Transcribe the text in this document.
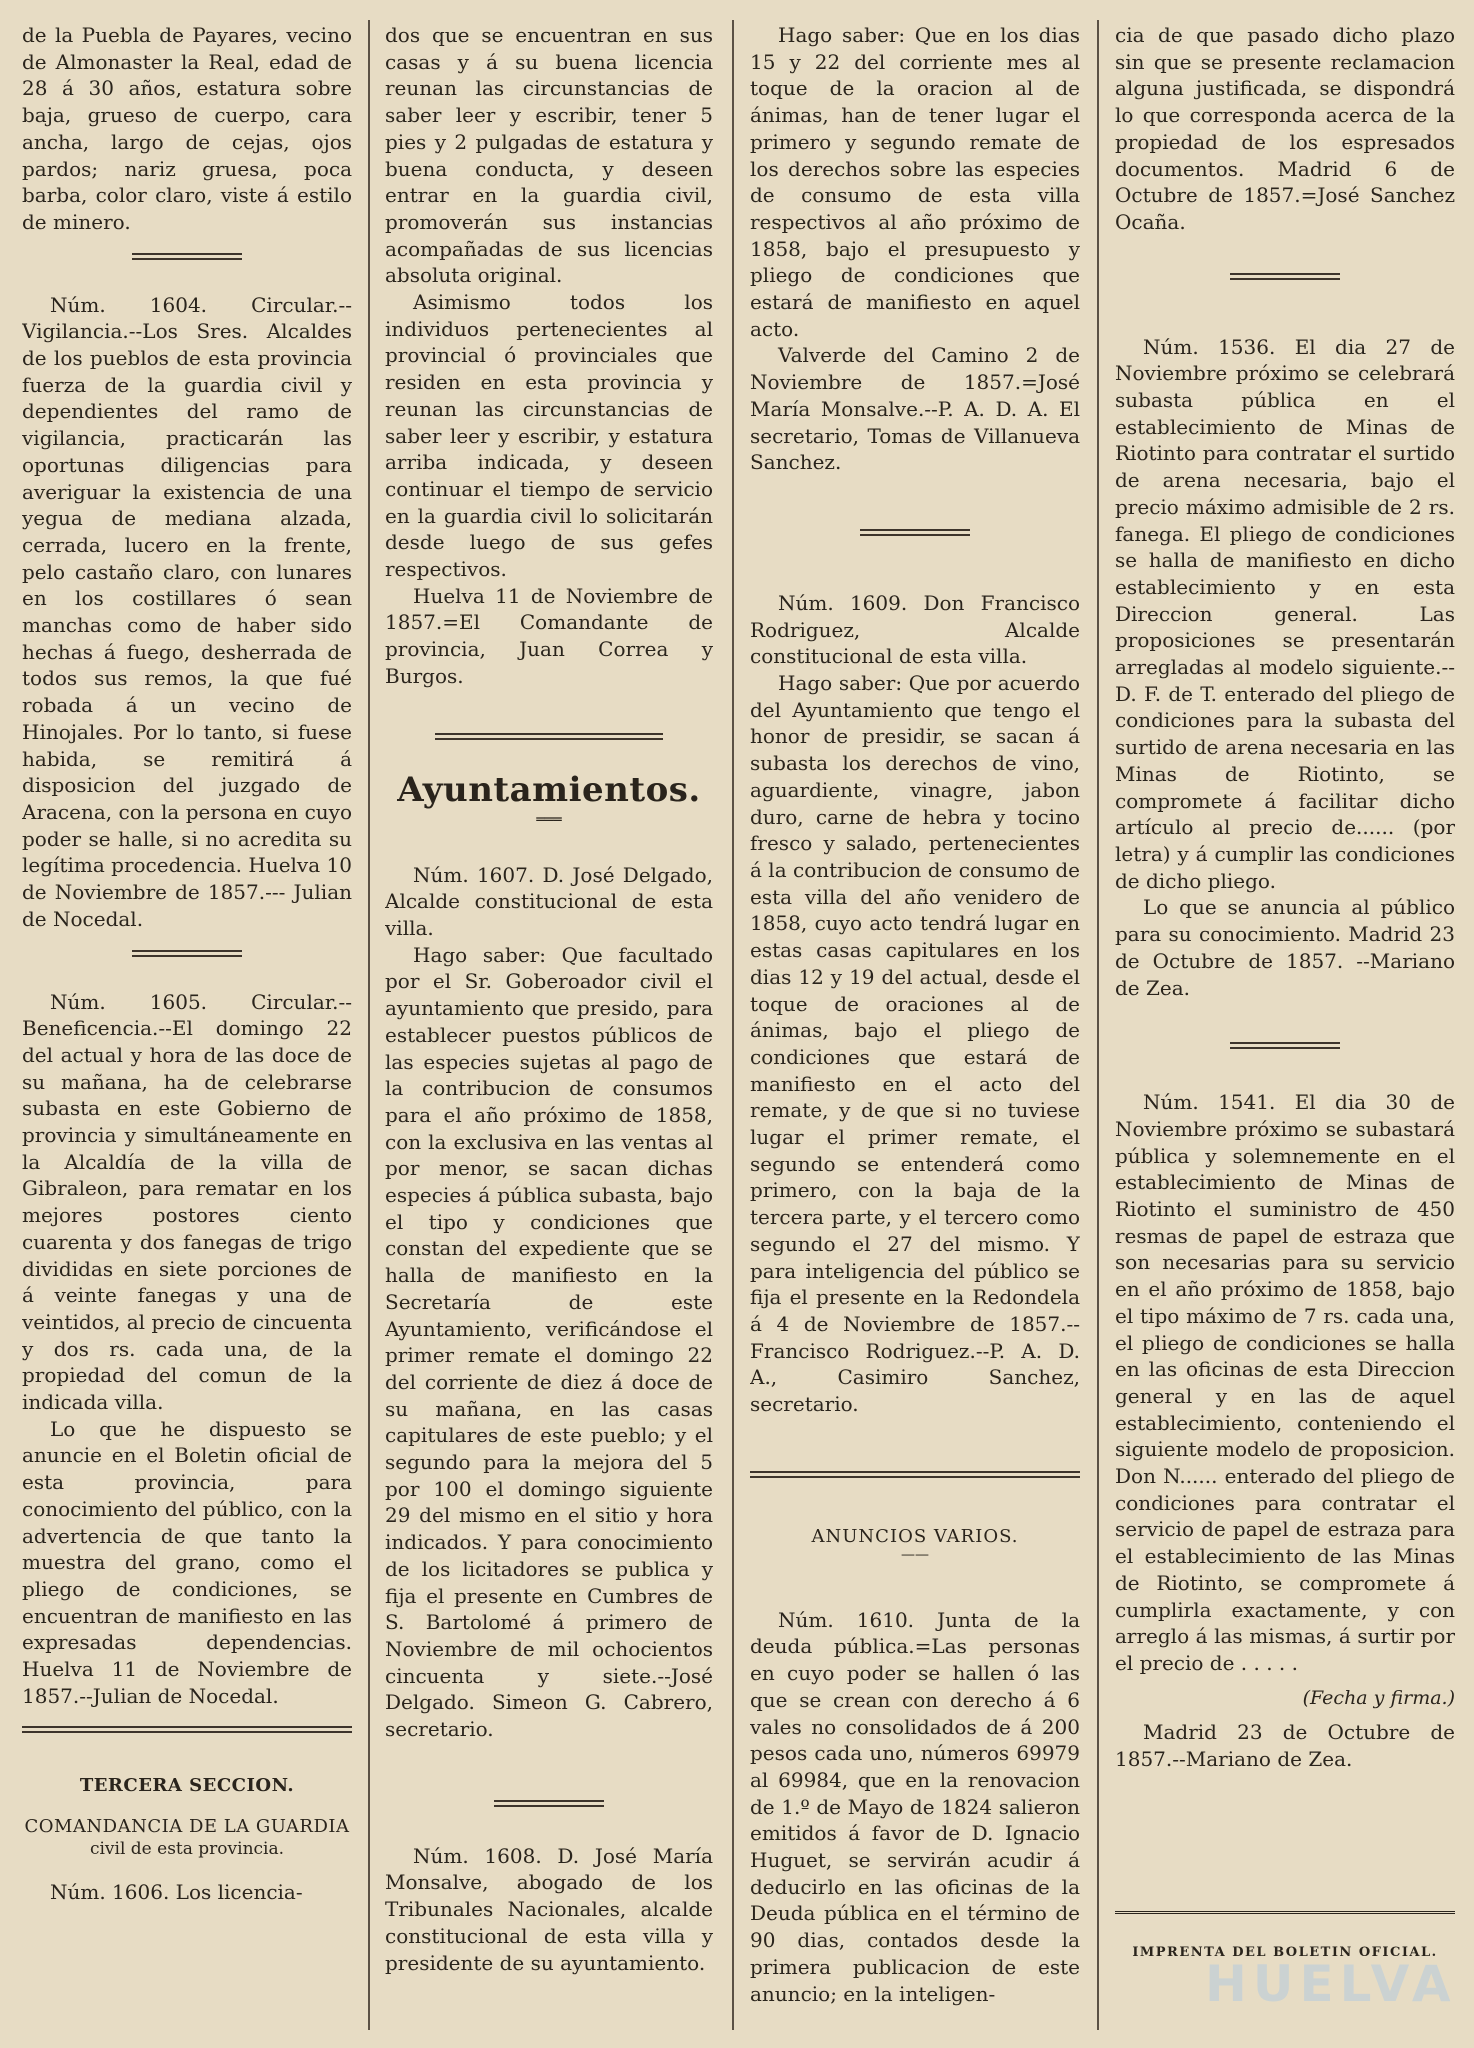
de la Puebla de Payares, vecino de Almonaster la Real, edad de 28 á 30 años, estatura sobre baja, grueso de cuerpo, cara ancha, largo de cejas, ojos pardos; nariz gruesa, poca barba, color claro, viste á estilo de minero.

Núm. 1604. Circular.--Vigilancia.--Los Sres. Alcaldes de los pueblos de esta provincia fuerza de la guardia civil y dependientes del ramo de vigilancia, practicarán las oportunas diligencias para averiguar la existencia de una yegua de mediana alzada, cerrada, lucero en la frente, pelo castaño claro, con lunares en los costillares ó sean manchas como de haber sido hechas á fuego, desherrada de todos sus remos, la que fué robada á un vecino de Hinojales. Por lo tanto, si fuese habida, se remitirá á disposicion del juzgado de Aracena, con la persona en cuyo poder se halle, si no acredita su legítima procedencia. Huelva 10 de Noviembre de 1857.--- Julian de Nocedal.

Núm. 1605. Circular.--Beneficencia.--El domingo 22 del actual y hora de las doce de su mañana, ha de celebrarse subasta en este Gobierno de provincia y simultáneamente en la Alcaldía de la villa de Gibraleon, para rematar en los mejores postores ciento cuarenta y dos fanegas de trigo divididas en siete porciones de á veinte fanegas y una de veintidos, al precio de cincuenta y dos rs. cada una, de la propiedad del comun de la indicada villa.

Lo que he dispuesto se anuncie en el Boletin oficial de esta provincia, para conocimiento del público, con la advertencia de que tanto la muestra del grano, como el pliego de condiciones, se encuentran de manifiesto en las expresadas dependencias. Huelva 11 de Noviembre de 1857.--Julian de Nocedal.

TERCERA SECCION.
COMANDANCIA DE LA GUARDIA
civil de esta provincia.

Núm. 1606. Los licencia-

dos que se encuentran en sus casas y á su buena licencia reunan las circunstancias de saber leer y escribir, tener 5 pies y 2 pulgadas de estatura y buena conducta, y deseen entrar en la guardia civil, promoverán sus instancias acompañadas de sus licencias absoluta original.

Asimismo todos los individuos pertenecientes al provincial ó provinciales que residen en esta provincia y reunan las circunstancias de saber leer y escribir, y estatura arriba indicada, y deseen continuar el tiempo de servicio en la guardia civil lo solicitarán desde luego de sus gefes respectivos.

Huelva 11 de Noviembre de 1857.=El Comandante de provincia, Juan Correa y Burgos.

Ayuntamientos.
═══

Núm. 1607. D. José Delgado, Alcalde constitucional de esta villa.

Hago saber: Que facultado por el Sr. Goberoador civil el ayuntamiento que presido, para establecer puestos públicos de las especies sujetas al pago de la contribucion de consumos para el año próximo de 1858, con la exclusiva en las ventas al por menor, se sacan dichas especies á pública subasta, bajo el tipo y condiciones que constan del expediente que se halla de manifiesto en la Secretaría de este Ayuntamiento, verificándose el primer remate el domingo 22 del corriente de diez á doce de su mañana, en las casas capitulares de este pueblo; y el segundo para la mejora del 5 por 100 el domingo siguiente 29 del mismo en el sitio y hora indicados. Y para conocimiento de los licitadores se publica y fija el presente en Cumbres de S. Bartolomé á primero de Noviembre de mil ochocientos cincuenta y siete.--José Delgado. Simeon G. Cabrero, secretario.

Núm. 1608. D. José María Monsalve, abogado de los Tribunales Nacionales, alcalde constitucional de esta villa y presidente de su ayuntamiento.

Hago saber: Que en los dias 15 y 22 del corriente mes al toque de la oracion al de ánimas, han de tener lugar el primero y segundo remate de los derechos sobre las especies de consumo de esta villa respectivos al año próximo de 1858, bajo el presupuesto y pliego de condiciones que estará de manifiesto en aquel acto.

Valverde del Camino 2 de Noviembre de 1857.=José María Monsalve.--P. A. D. A. El secretario, Tomas de Villanueva Sanchez.

Núm. 1609. Don Francisco Rodriguez, Alcalde constitucional de esta villa.

Hago saber: Que por acuerdo del Ayuntamiento que tengo el honor de presidir, se sacan á subasta los derechos de vino, aguardiente, vinagre, jabon duro, carne de hebra y tocino fresco y salado, pertenecientes á la contribucion de consumo de esta villa del año venidero de 1858, cuyo acto tendrá lugar en estas casas capitulares en los dias 12 y 19 del actual, desde el toque de oraciones al de ánimas, bajo el pliego de condiciones que estará de manifiesto en el acto del remate, y de que si no tuviese lugar el primer remate, el segundo se entenderá como primero, con la baja de la tercera parte, y el tercero como segundo el 27 del mismo. Y para inteligencia del público se fija el presente en la Redondela á 4 de Noviembre de 1857.--Francisco Rodriguez.--P. A. D. A., Casimiro Sanchez, secretario.

ANUNCIOS VARIOS.
——

Núm. 1610. Junta de la deuda pública.=Las personas en cuyo poder se hallen ó las que se crean con derecho á 6 vales no consolidados de á 200 pesos cada uno, números 69979 al 69984, que en la renovacion de 1.º de Mayo de 1824 salieron emitidos á favor de D. Ignacio Huguet, se servirán acudir á deducirlo en las oficinas de la Deuda pública en el término de 90 dias, contados desde la primera publicacion de este anuncio; en la inteligen-

cia de que pasado dicho plazo sin que se presente reclamacion alguna justificada, se dispondrá lo que corresponda acerca de la propiedad de los espresados documentos. Madrid 6 de Octubre de 1857.=José Sanchez Ocaña.

Núm. 1536. El dia 27 de Noviembre próximo se celebrará subasta pública en el establecimiento de Minas de Riotinto para contratar el surtido de arena necesaria, bajo el precio máximo admisible de 2 rs. fanega. El pliego de condiciones se halla de manifiesto en dicho establecimiento y en esta Direccion general. Las proposiciones se presentarán arregladas al modelo siguiente.--D. F. de T. enterado del pliego de condiciones para la subasta del surtido de arena necesaria en las Minas de Riotinto, se compromete á facilitar dicho artículo al precio de...... (por letra) y á cumplir las condiciones de dicho pliego.

Lo que se anuncia al público para su conocimiento. Madrid 23 de Octubre de 1857. --Mariano de Zea.

Núm. 1541. El dia 30 de Noviembre próximo se subastará pública y solemnemente en el establecimiento de Minas de Riotinto el suministro de 450 resmas de papel de estraza que son necesarias para su servicio en el año próximo de 1858, bajo el tipo máximo de 7 rs. cada una, el pliego de condiciones se halla en las oficinas de esta Direccion general y en las de aquel establecimiento, conteniendo el siguiente modelo de proposicion. Don N...... enterado del pliego de condiciones para contratar el servicio de papel de estraza para el establecimiento de las Minas de Riotinto, se compromete á cumplirla exactamente, y con arreglo á las mismas, á surtir por el precio de . . . . .

(Fecha y firma.)

Madrid 23 de Octubre de 1857.--Mariano de Zea.

IMPRENTA DEL BOLETIN OFICIAL.
HUELVA
